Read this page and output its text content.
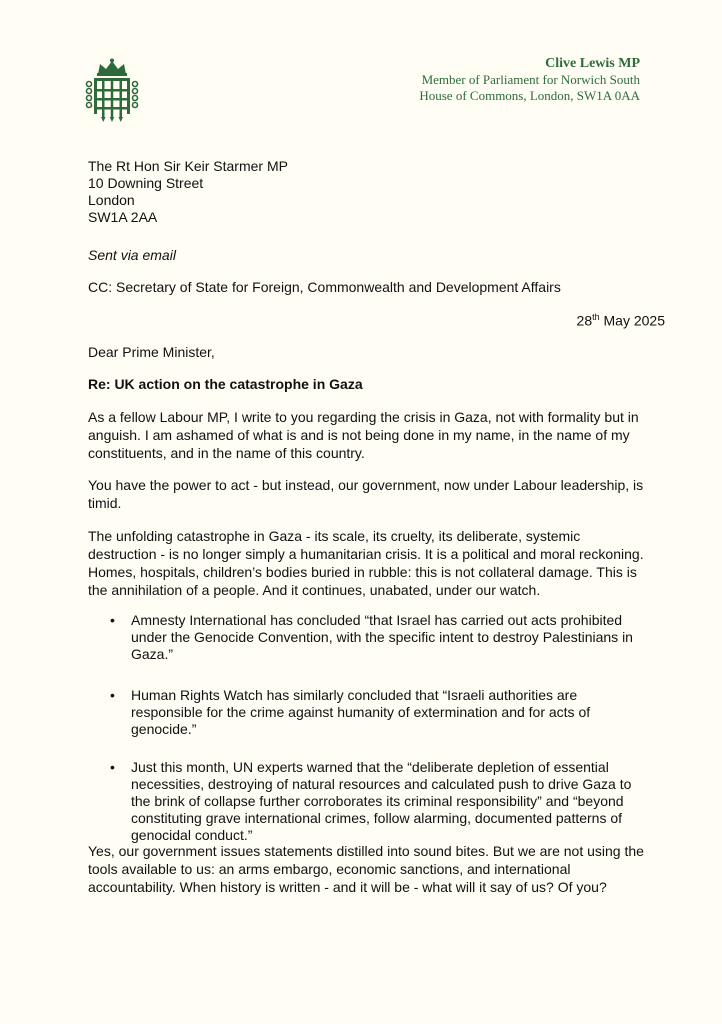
Clive Lewis MP
Member of Parliament for Norwich South
House of Commons, London, SW1A 0AA
The Rt Hon Sir Keir Starmer MP
10 Downing Street
London
SW1A 2AA
Sent via email
CC: Secretary of State for Foreign, Commonwealth and Development Affairs
28th May 2025
Dear Prime Minister,
Re: UK action on the catastrophe in Gaza

As a fellow Labour MP, I write to you regarding the crisis in Gaza, not with formality but in anguish. I am ashamed of what is and is not being done in my name, in the name of my constituents, and in the name of this country.

You have the power to act - but instead, our government, now under Labour leadership, is timid.

The unfolding catastrophe in Gaza - its scale, its cruelty, its deliberate, systemic destruction - is no longer simply a humanitarian crisis. It is a political and moral reckoning. Homes, hospitals, children’s bodies buried in rubble: this is not collateral damage. This is the annihilation of a people. And it continues, unabated, under our watch.

• Amnesty International has concluded “that Israel has carried out acts prohibited under the Genocide Convention, with the specific intent to destroy Palestinians in Gaza.”
• Human Rights Watch has similarly concluded that “Israeli authorities are responsible for the crime against humanity of extermination and for acts of genocide.”
• Just this month, UN experts warned that the “deliberate depletion of essential necessities, destroying of natural resources and calculated push to drive Gaza to the brink of collapse further corroborates its criminal responsibility” and “beyond constituting grave international crimes, follow alarming, documented patterns of genocidal conduct.”

Yes, our government issues statements distilled into sound bites. But we are not using the tools available to us: an arms embargo, economic sanctions, and international accountability. When history is written - and it will be - what will it say of us? Of you?
